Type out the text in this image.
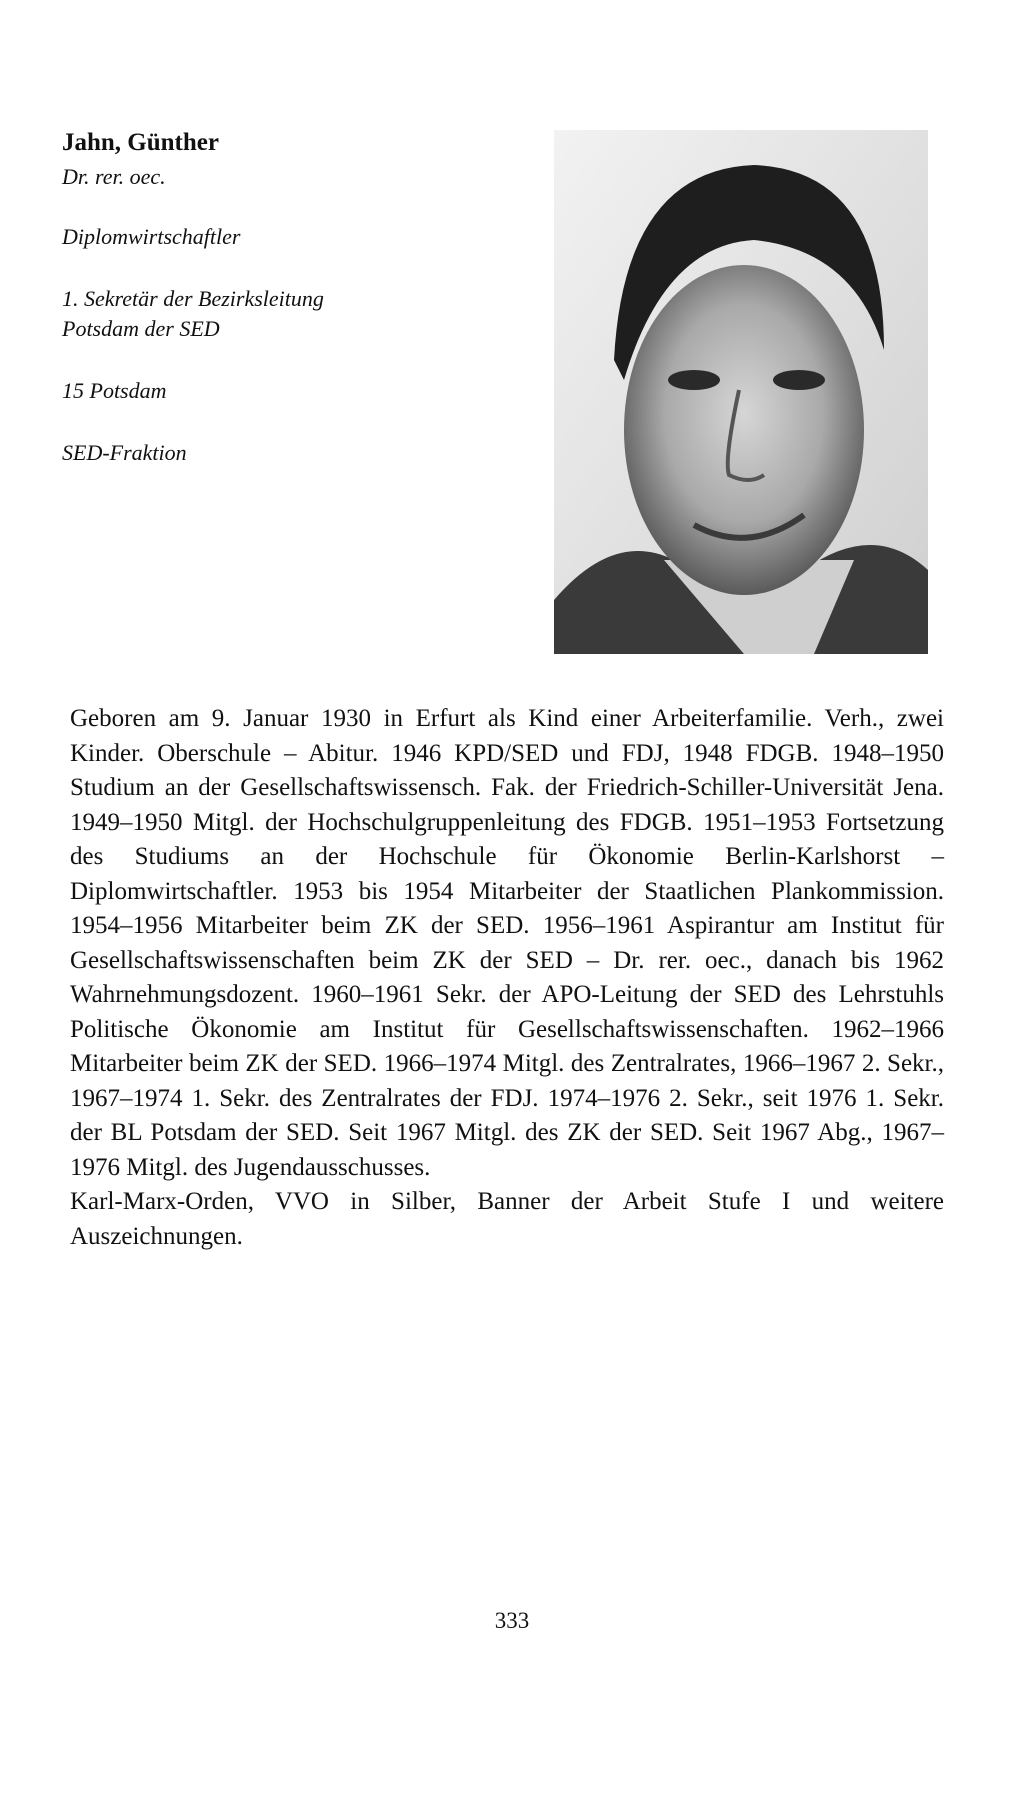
Jahn, Günther
Dr. rer. oec.
Diplomwirtschaftler
1. Sekretär der Bezirksleitung
Potsdam der SED
15 Potsdam
SED-Fraktion

Geboren am 9. Januar 1930 in Erfurt als Kind einer Arbeiterfamilie. Verh., zwei Kinder. Oberschule – Abitur. 1946 KPD/SED und FDJ, 1948 FDGB. 1948–1950 Studium an der Gesellschaftswissensch. Fak. der Friedrich-Schiller-Universität Jena. 1949–1950 Mitgl. der Hochschulgruppenleitung des FDGB. 1951–1953 Fortsetzung des Studiums an der Hochschule für Ökonomie Berlin-Karlshorst – Diplomwirtschaftler. 1953 bis 1954 Mitarbeiter der Staatlichen Plankommission. 1954–1956 Mitarbeiter beim ZK der SED. 1956–1961 Aspirantur am Institut für Gesellschaftswissenschaften beim ZK der SED – Dr. rer. oec., danach bis 1962 Wahrnehmungsdozent. 1960–1961 Sekr. der APO-Leitung der SED des Lehrstuhls Politische Ökonomie am Institut für Gesellschaftswissenschaften. 1962–1966 Mitarbeiter beim ZK der SED. 1966–1974 Mitgl. des Zentralrates, 1966–1967 2. Sekr., 1967–1974 1. Sekr. des Zentralrates der FDJ. 1974–1976 2. Sekr., seit 1976 1. Sekr. der BL Potsdam der SED. Seit 1967 Mitgl. des ZK der SED. Seit 1967 Abg., 1967–1976 Mitgl. des Jugendausschusses.

Karl-Marx-Orden, VVO in Silber, Banner der Arbeit Stufe I und weitere Auszeichnungen.

333
